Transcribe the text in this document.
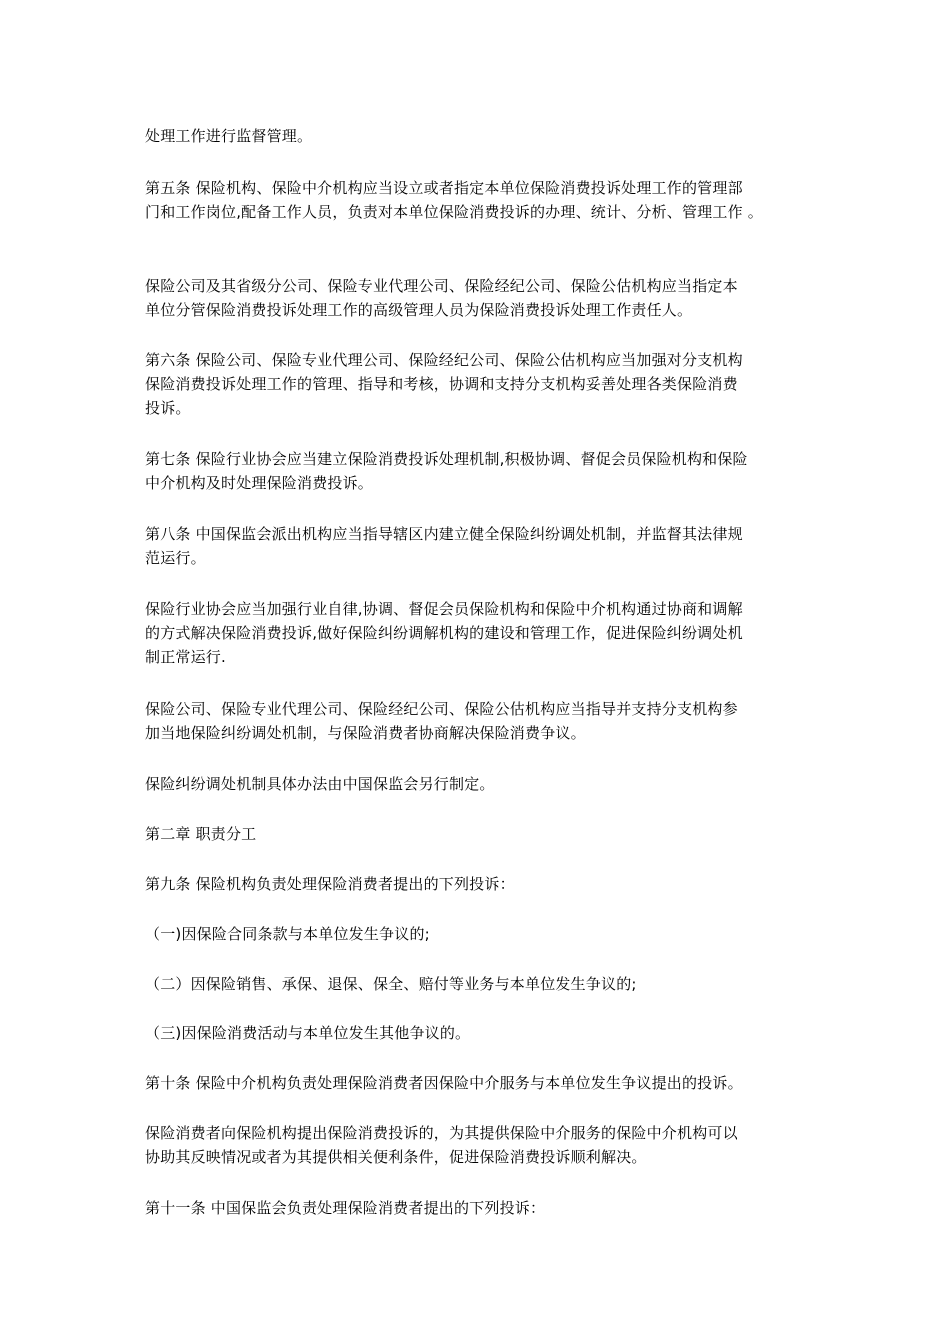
处理工作进行监督管理。
第五条 保险机构、保险中介机构应当设立或者指定本单位保险消费投诉处理工作的管理部
门和工作岗位,配备工作人员，负责对本单位保险消费投诉的办理、统计、分析、管理工作 。
保险公司及其省级分公司、保险专业代理公司、保险经纪公司、保险公估机构应当指定本
单位分管保险消费投诉处理工作的高级管理人员为保险消费投诉处理工作责任人。
第六条 保险公司、保险专业代理公司、保险经纪公司、保险公估机构应当加强对分支机构
保险消费投诉处理工作的管理、指导和考核，协调和支持分支机构妥善处理各类保险消费
投诉。
第七条 保险行业协会应当建立保险消费投诉处理机制,积极协调、督促会员保险机构和保险
中介机构及时处理保险消费投诉。
第八条 中国保监会派出机构应当指导辖区内建立健全保险纠纷调处机制，并监督其法律规
范运行。
保险行业协会应当加强行业自律,协调、督促会员保险机构和保险中介机构通过协商和调解
的方式解决保险消费投诉,做好保险纠纷调解机构的建设和管理工作，促进保险纠纷调处机
制正常运行.
保险公司、保险专业代理公司、保险经纪公司、保险公估机构应当指导并支持分支机构参
加当地保险纠纷调处机制，与保险消费者协商解决保险消费争议。
保险纠纷调处机制具体办法由中国保监会另行制定。
第二章 职责分工
第九条 保险机构负责处理保险消费者提出的下列投诉：
（一)因保险合同条款与本单位发生争议的;
（二）因保险销售、承保、退保、保全、赔付等业务与本单位发生争议的;
（三)因保险消费活动与本单位发生其他争议的。
第十条 保险中介机构负责处理保险消费者因保险中介服务与本单位发生争议提出的投诉。
保险消费者向保险机构提出保险消费投诉的，为其提供保险中介服务的保险中介机构可以
协助其反映情况或者为其提供相关便利条件，促进保险消费投诉顺利解决。
第十一条 中国保监会负责处理保险消费者提出的下列投诉：
